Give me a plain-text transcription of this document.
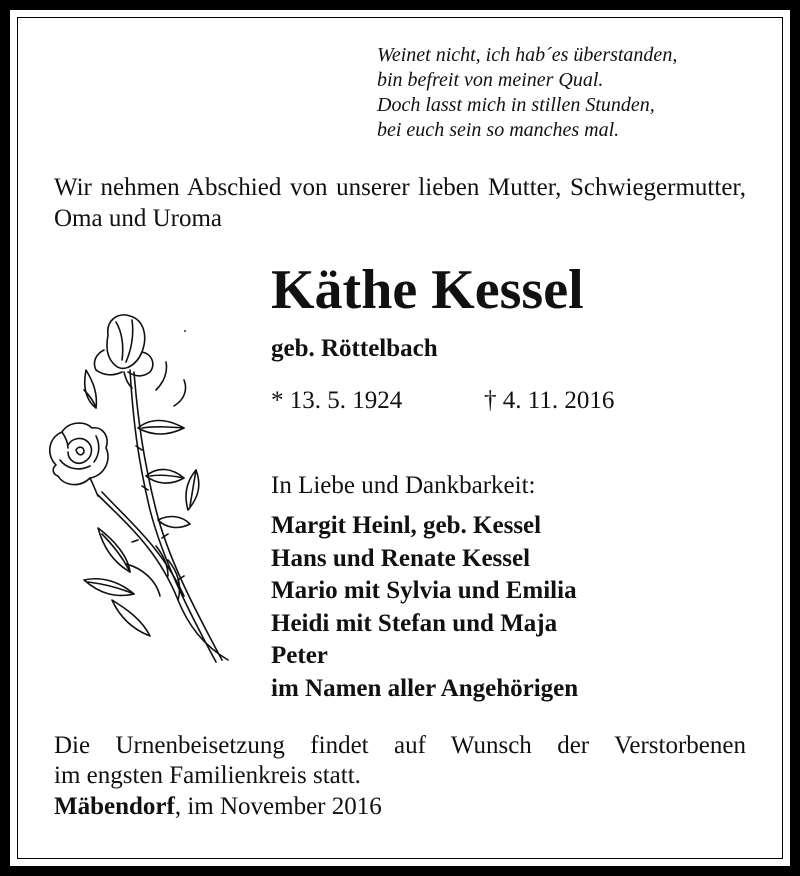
Weinet nicht, ich hab´es überstanden,
bin befreit von meiner Qual.
Doch lasst mich in stillen Stunden,
bei euch sein so manches mal.
Wir nehmen Abschied von unserer lieben Mutter, Schwiegermutter, Oma und Uroma
Käthe Kessel
geb. Röttelbach
* 13. 5. 1924	† 4. 11. 2016
In Liebe und Dankbarkeit:
Margit Heinl, geb. Kessel
Hans und Renate Kessel
Mario mit Sylvia und Emilia
Heidi mit Stefan und Maja
Peter
im Namen aller Angehörigen
Die Urnenbeisetzung findet auf Wunsch der Verstorbenen
im engsten Familienkreis statt.
Mäbendorf, im November 2016
